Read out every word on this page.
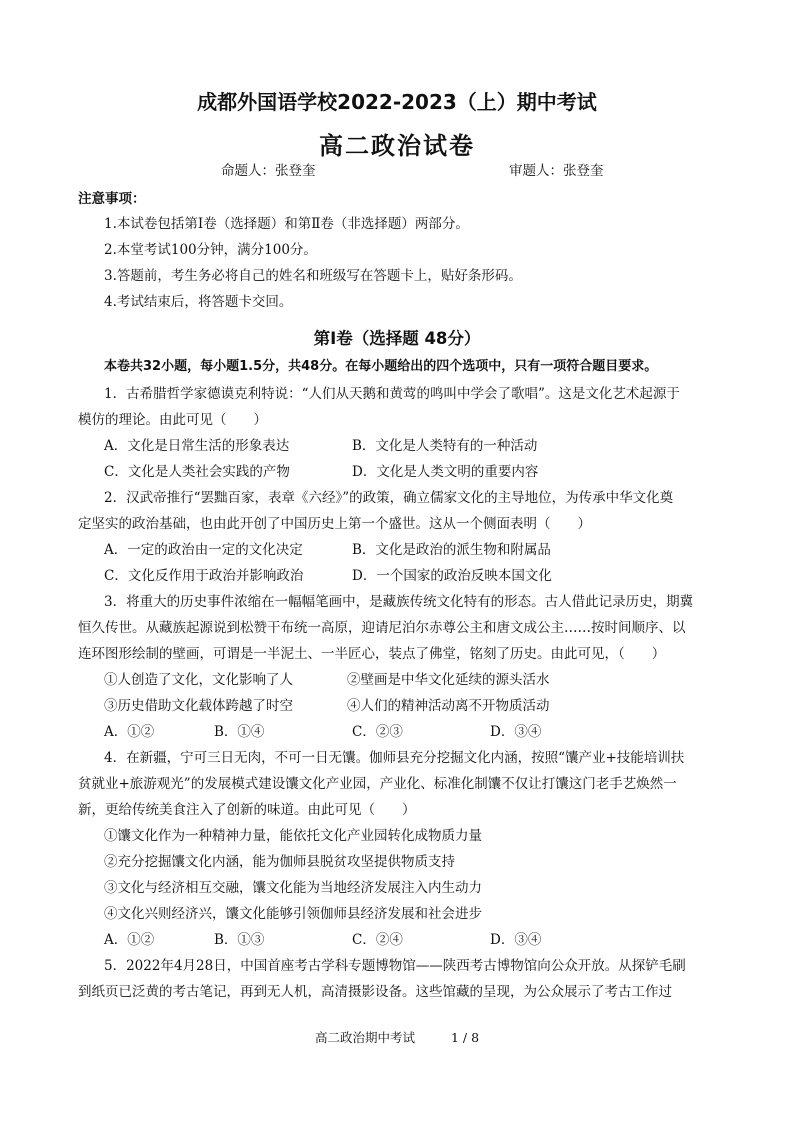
成都外国语学校2022-2023（上）期中考试
高二政治试卷
命题人：张登奎	审题人：张登奎
注意事项：
1.本试卷包括第Ⅰ卷（选择题）和第Ⅱ卷（非选择题）两部分。
2.本堂考试100分钟，满分100分。
3.答题前，考生务必将自己的姓名和班级写在答题卡上，贴好条形码。
4.考试结束后，将答题卡交回。
第Ⅰ卷（选择题 48分）
本卷共32小题，每小题1.5分，共48分。在每小题给出的四个选项中，只有一项符合题目要求。
1．古希腊哲学家德谟克利特说：“人们从天鹅和黄莺的鸣叫中学会了歌唱”。这是文化艺术起源于
模仿的理论。由此可见（　　）
A．文化是日常生活的形象表达	B．文化是人类特有的一种活动
C．文化是人类社会实践的产物	D．文化是人类文明的重要内容
2．汉武帝推行“罢黜百家，表章《六经》”的政策，确立儒家文化的主导地位，为传承中华文化奠
定坚实的政治基础，也由此开创了中国历史上第一个盛世。这从一个侧面表明（　　）
A．一定的政治由一定的文化决定	B．文化是政治的派生物和附属品
C．文化反作用于政治并影响政治	D．一个国家的政治反映本国文化
3．将重大的历史事件浓缩在一幅幅笔画中，是藏族传统文化特有的形态。古人借此记录历史，期冀
恒久传世。从藏族起源说到松赞干布统一高原，迎请尼泊尔赤尊公主和唐文成公主……按时间顺序、以
连环图形绘制的壁画，可谓是一半泥土、一半匠心，装点了佛堂，铭刻了历史。由此可见，（　　）
①人创造了文化，文化影响了人	②壁画是中华文化延续的源头活水
③历史借助文化载体跨越了时空	④人们的精神活动离不开物质活动
A．①②	B．①④	C．②③	D．③④
4．在新疆，宁可三日无肉，不可一日无馕。伽师县充分挖掘文化内涵，按照“馕产业+技能培训扶
贫就业+旅游观光”的发展模式建设馕文化产业园，产业化、标准化制馕不仅让打馕这门老手艺焕然一
新，更给传统美食注入了创新的味道。由此可见（　　）
①馕文化作为一种精神力量，能依托文化产业园转化成物质力量
②充分挖掘馕文化内涵，能为伽师县脱贫攻坚提供物质支持
③文化与经济相互交融，馕文化能为当地经济发展注入内生动力
④文化兴则经济兴，馕文化能够引领伽师县经济发展和社会进步
A．①②	B．①③	C．②④	D．③④
5．2022年4月28日，中国首座考古学科专题博物馆——陕西考古博物馆向公众开放。从探铲毛刷
到纸页已泛黄的考古笔记，再到无人机，高清摄影设备。这些馆藏的呈现，为公众展示了考古工作过
高二政治期中考试	1 / 8
